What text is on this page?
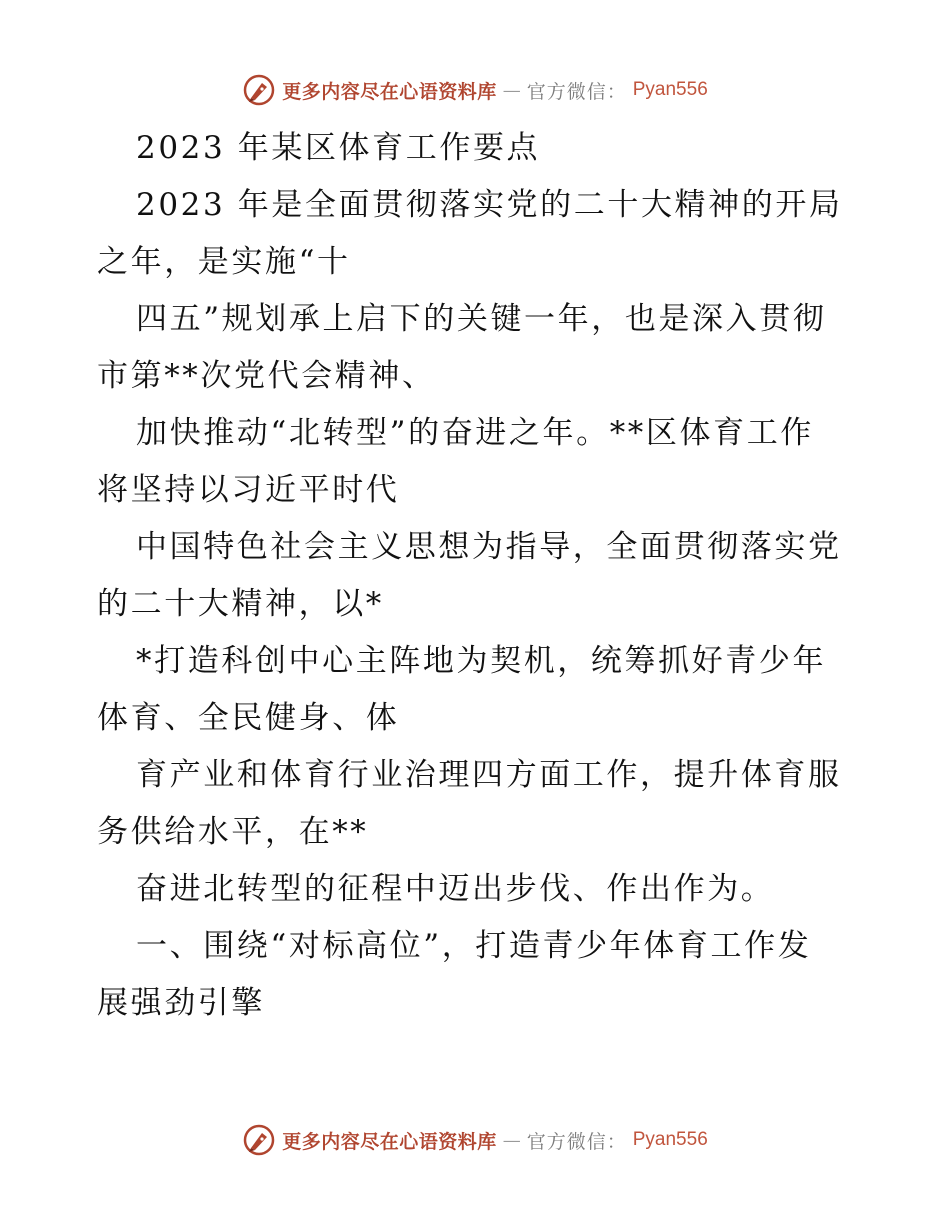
更多内容尽在心语资料库 — 官方微信： Pyan556

2023 年某区体育工作要点

2023 年是全面贯彻落实党的二十大精神的开局

之年，是实施“十

四五”规划承上启下的关键一年，也是深入贯彻

市第**次党代会精神、

加快推动“北转型”的奋进之年。**区体育工作

将坚持以习近平时代

中国特色社会主义思想为指导，全面贯彻落实党

的二十大精神，以*

*打造科创中心主阵地为契机，统筹抓好青少年

体育、全民健身、体

育产业和体育行业治理四方面工作，提升体育服

务供给水平，在**

奋进北转型的征程中迈出步伐、作出作为。

一、围绕“对标高位”，打造青少年体育工作发

展强劲引擎

更多内容尽在心语资料库 — 官方微信： Pyan556
